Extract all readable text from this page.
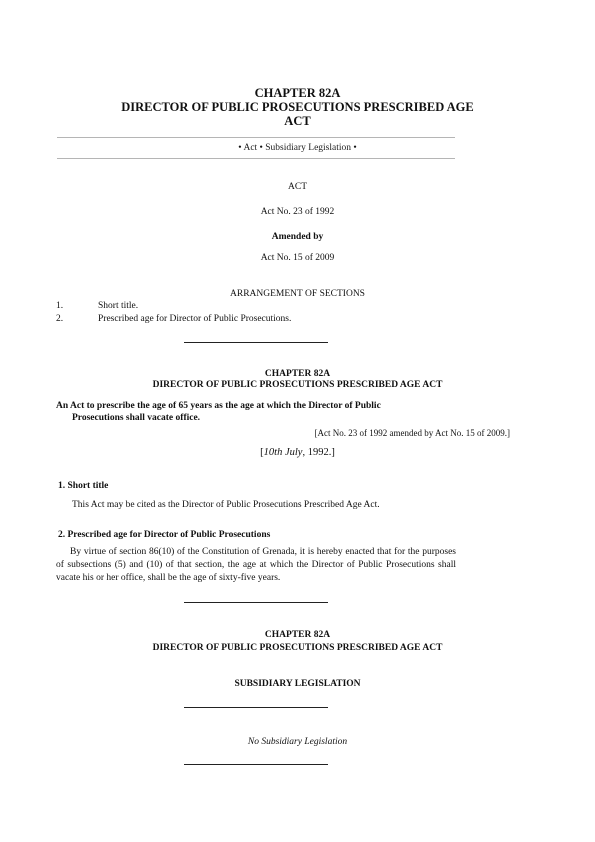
CHAPTER 82A
DIRECTOR OF PUBLIC PROSECUTIONS PRESCRIBED AGE
ACT
• Act • Subsidiary Legislation •
ACT
Act No. 23 of 1992
Amended by
Act No. 15 of 2009
ARRANGEMENT OF SECTIONS
1.	Short title.
2.	Prescribed age for Director of Public Prosecutions.
CHAPTER 82A
DIRECTOR OF PUBLIC PROSECUTIONS PRESCRIBED AGE ACT
An Act to prescribe the age of 65 years as the age at which the Director of Public
Prosecutions shall vacate office.
[Act No. 23 of 1992 amended by Act No. 15 of 2009.]
[10th July, 1992.]
1. Short title
This Act may be cited as the Director of Public Prosecutions Prescribed Age Act.
2. Prescribed age for Director of Public Prosecutions
By virtue of section 86(10) of the Constitution of Grenada, it is hereby enacted that for the purposes of subsections (5) and (10) of that section, the age at which the Director of Public Prosecutions shall vacate his or her office, shall be the age of sixty-five years.
CHAPTER 82A
DIRECTOR OF PUBLIC PROSECUTIONS PRESCRIBED AGE ACT
SUBSIDIARY LEGISLATION
No Subsidiary Legislation
